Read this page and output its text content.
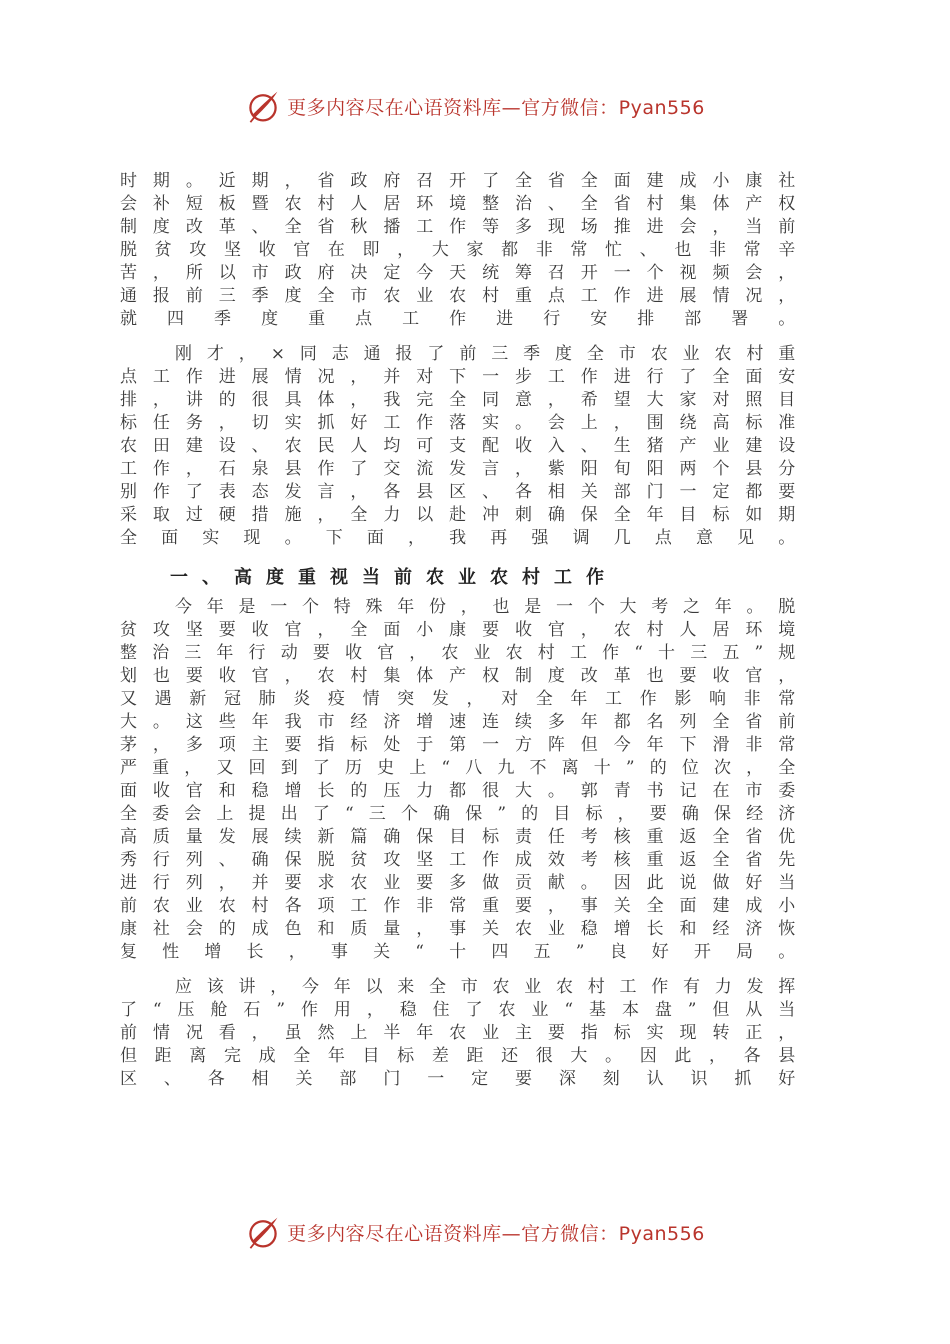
更多内容尽在心语资料库—官方微信：Pyan556

时期。近期，省政府召开了全省全面建成小康社会补短板暨农村人居环境整治、全省村集体产权制度改革、全省秋播工作等多现场推进会，当前脱贫攻坚收官在即，大家都非常忙、也非常辛苦，所以市政府决定今天统筹召开一个视频会，通报前三季度全市农业农村重点工作进展情况，就四季度重点工作进行安排部署。

刚才，×同志通报了前三季度全市农业农村重点工作进展情况，并对下一步工作进行了全面安排，讲的很具体，我完全同意，希望大家对照目标任务，切实抓好工作落实。会上，围绕高标准农田建设、农民人均可支配收入、生猪产业建设工作，石泉县作了交流发言，紫阳旬阳两个县分别作了表态发言，各县区、各相关部门一定都要采取过硬措施，全力以赴冲刺确保全年目标如期全面实现。下面，我再强调几点意见。

一、高度重视当前农业农村工作

今年是一个特殊年份，也是一个大考之年。脱贫攻坚要收官，全面小康要收官，农村人居环境整治三年行动要收官，农业农村工作“十三五”规划也要收官，农村集体产权制度改革也要收官，又遇新冠肺炎疫情突发，对全年工作影响非常大。这些年我市经济增速连续多年都名列全省前茅，多项主要指标处于第一方阵但今年下滑非常严重，又回到了历史上“八九不离十”的位次，全面收官和稳增长的压力都很大。郭青书记在市委全委会上提出了“三个确保”的目标，要确保经济高质量发展续新篇确保目标责任考核重返全省优秀行列、确保脱贫攻坚工作成效考核重返全省先进行列，并要求农业要多做贡献。因此说做好当前农业农村各项工作非常重要，事关全面建成小康社会的成色和质量，事关农业稳增长和经济恢复性增长，事关“十四五”良好开局。

应该讲，今年以来全市农业农村工作有力发挥了“压舱石”作用，稳住了农业“基本盘”但从当前情况看，虽然上半年农业主要指标实现转正，但距离完成全年目标差距还很大。因此，各县区、各相关部门一定要深刻认识抓好

更多内容尽在心语资料库—官方微信：Pyan556
